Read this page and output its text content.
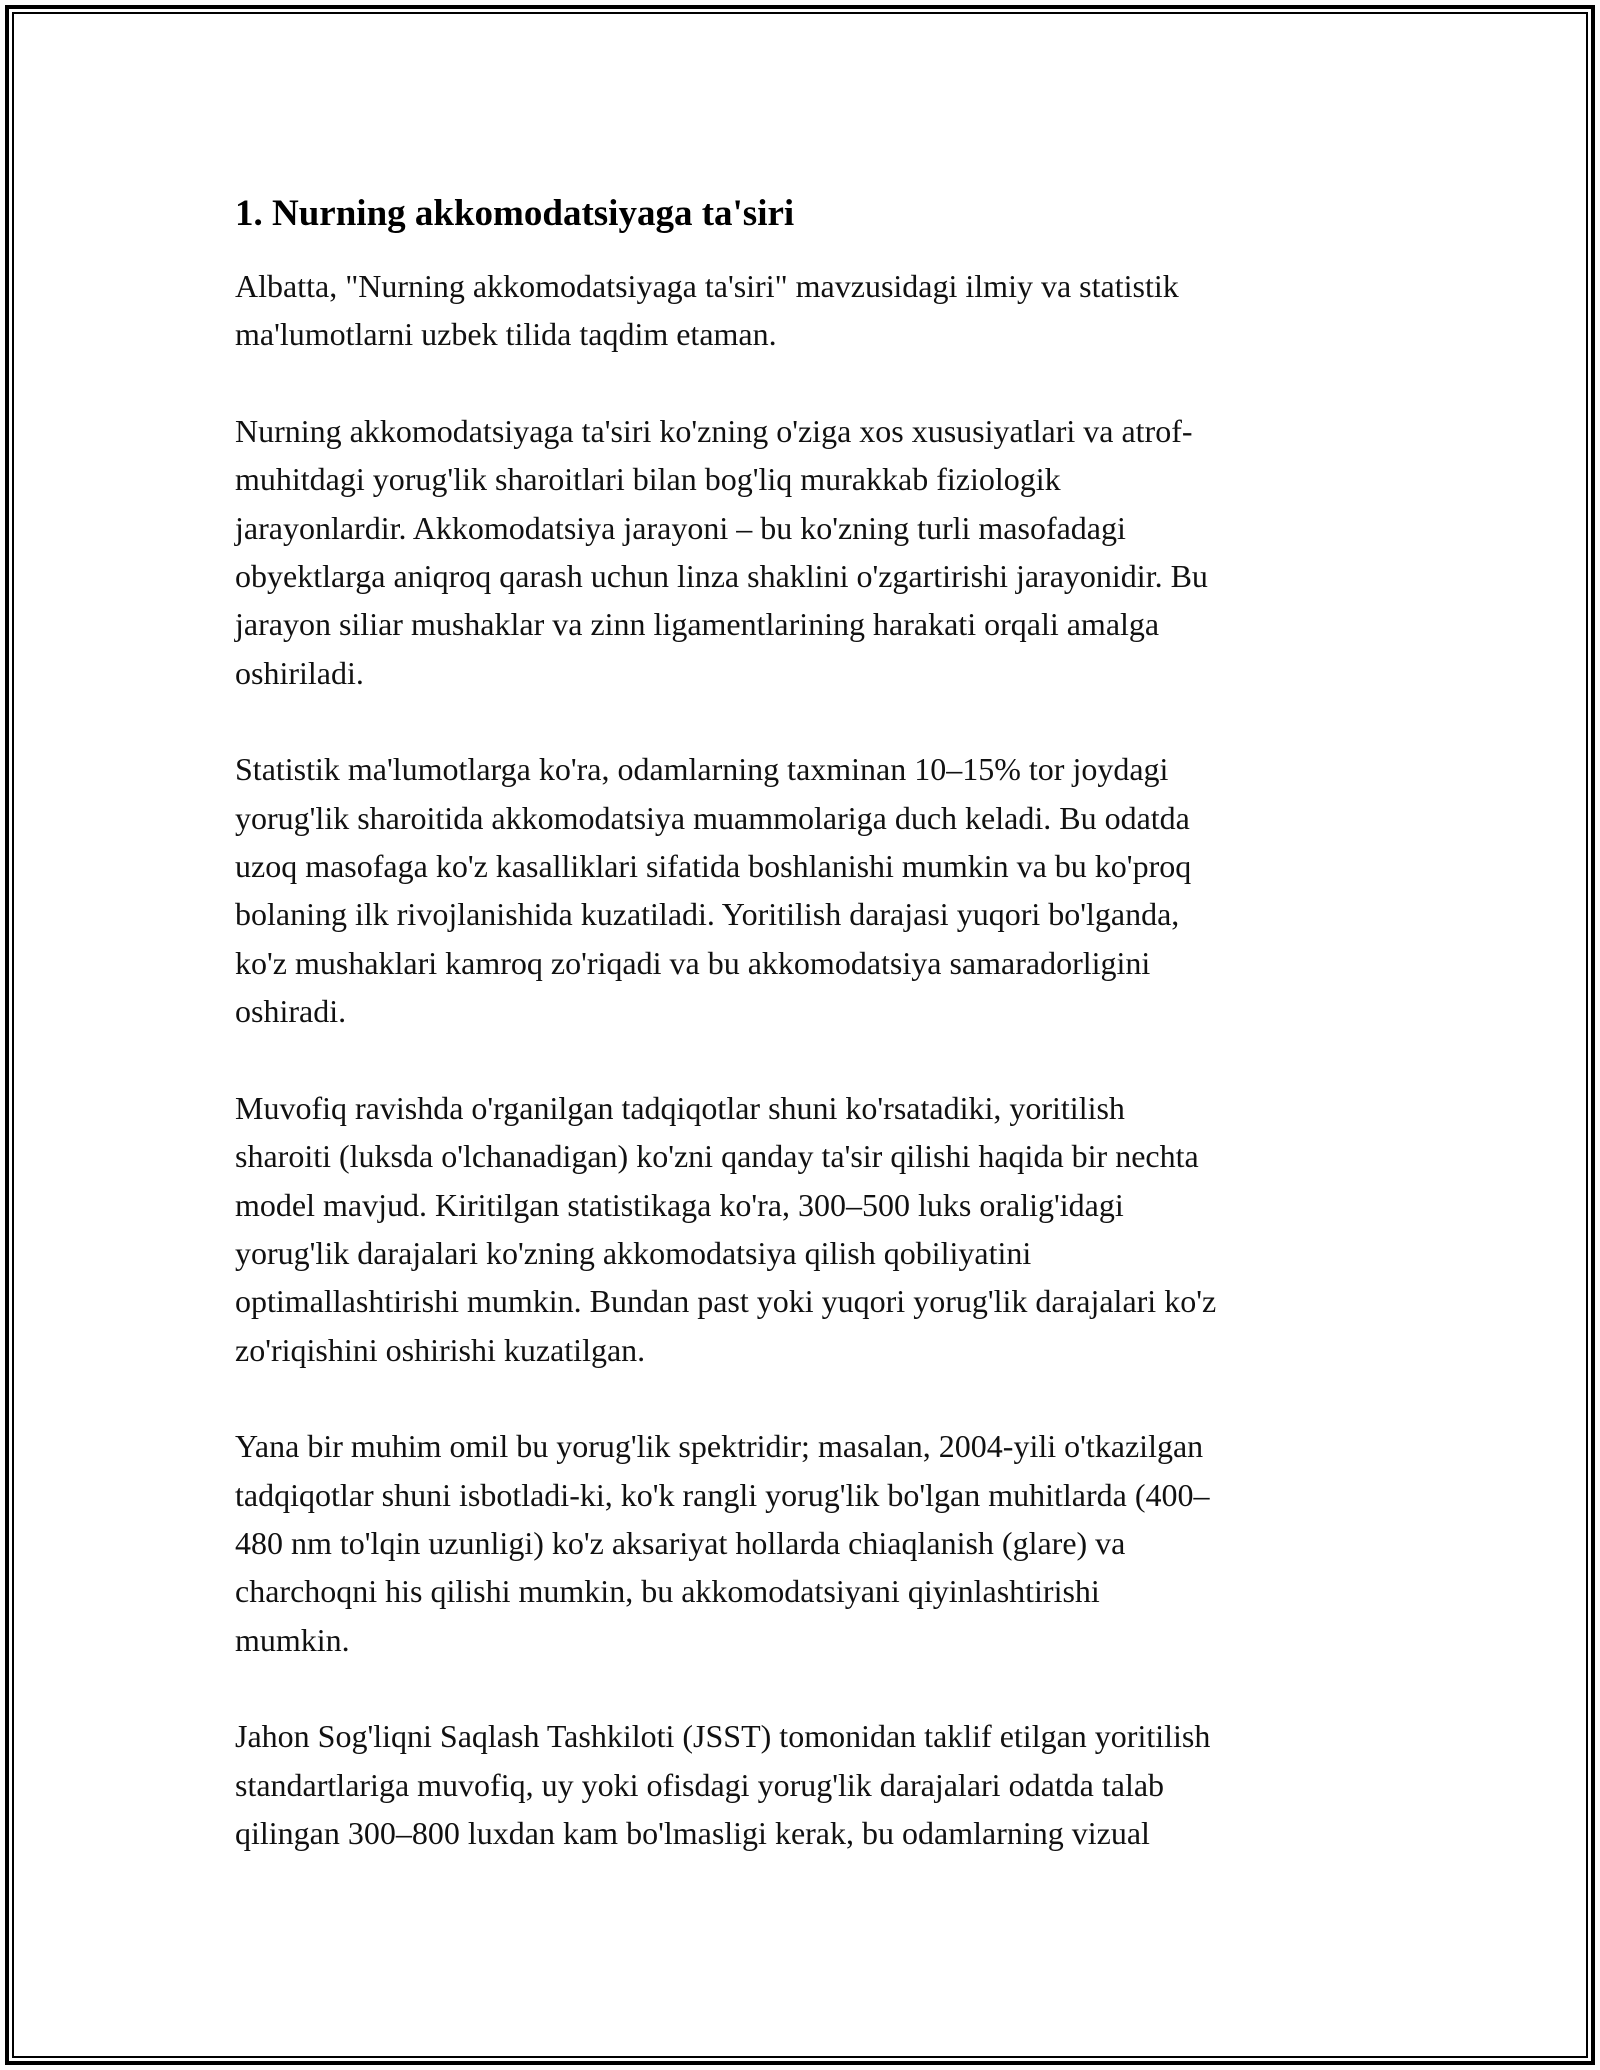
1. Nurning akkomodatsiyaga ta'siri

Albatta, "Nurning akkomodatsiyaga ta'siri" mavzusidagi ilmiy va statistik
ma'lumotlarni uzbek tilida taqdim etaman.

Nurning akkomodatsiyaga ta'siri ko'zning o'ziga xos xususiyatlari va atrof-
muhitdagi yorug'lik sharoitlari bilan bog'liq murakkab fiziologik
jarayonlardir. Akkomodatsiya jarayoni – bu ko'zning turli masofadagi
obyektlarga aniqroq qarash uchun linza shaklini o'zgartirishi jarayonidir. Bu
jarayon siliar mushaklar va zinn ligamentlarining harakati orqali amalga
oshiriladi.

Statistik ma'lumotlarga ko'ra, odamlarning taxminan 10–15% tor joydagi
yorug'lik sharoitida akkomodatsiya muammolariga duch keladi. Bu odatda
uzoq masofaga ko'z kasalliklari sifatida boshlanishi mumkin va bu ko'proq
bolaning ilk rivojlanishida kuzatiladi. Yoritilish darajasi yuqori bo'lganda,
ko'z mushaklari kamroq zo'riqadi va bu akkomodatsiya samaradorligini
oshiradi.

Muvofiq ravishda o'rganilgan tadqiqotlar shuni ko'rsatadiki, yoritilish
sharoiti (luksda o'lchanadigan) ko'zni qanday ta'sir qilishi haqida bir nechta
model mavjud. Kiritilgan statistikaga ko'ra, 300–500 luks oralig'idagi
yorug'lik darajalari ko'zning akkomodatsiya qilish qobiliyatini
optimallashtirishi mumkin. Bundan past yoki yuqori yorug'lik darajalari ko'z
zo'riqishini oshirishi kuzatilgan.

Yana bir muhim omil bu yorug'lik spektridir; masalan, 2004-yili o'tkazilgan
tadqiqotlar shuni isbotladi-ki, ko'k rangli yorug'lik bo'lgan muhitlarda (400–
480 nm to'lqin uzunligi) ko'z aksariyat hollarda chiaqlanish (glare) va
charchoqni his qilishi mumkin, bu akkomodatsiyani qiyinlashtirishi
mumkin.

Jahon Sog'liqni Saqlash Tashkiloti (JSST) tomonidan taklif etilgan yoritilish
standartlariga muvofiq, uy yoki ofisdagi yorug'lik darajalari odatda talab
qilingan 300–800 luxdan kam bo'lmasligi kerak, bu odamlarning vizual
